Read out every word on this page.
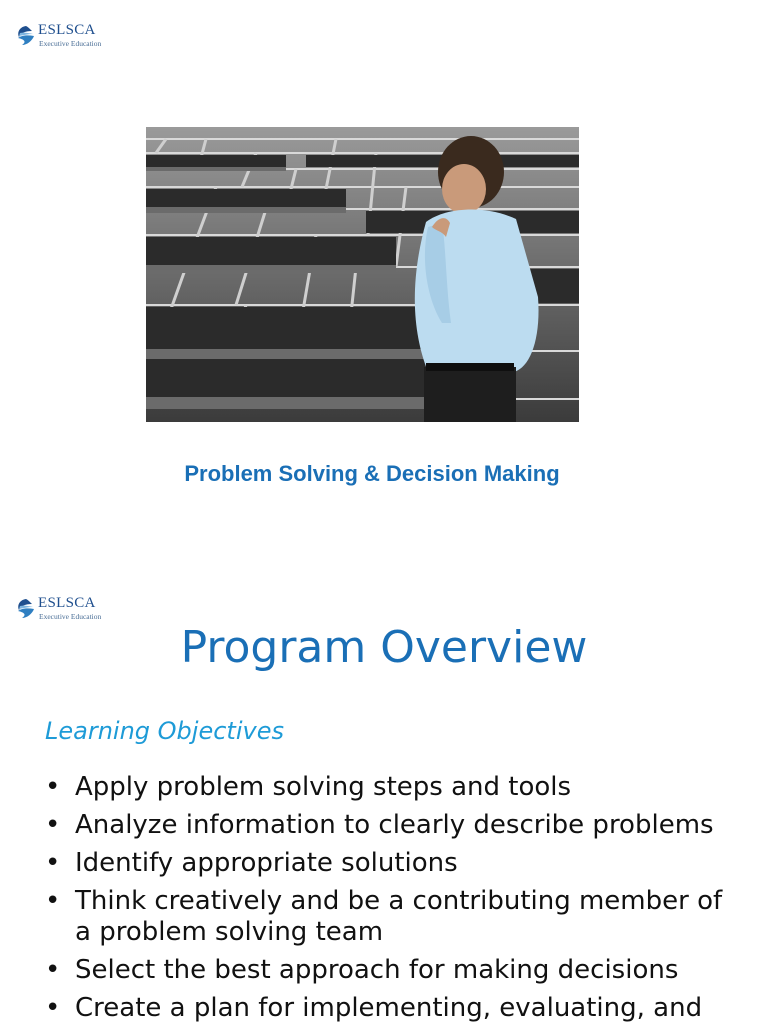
ESLSCA
Executive Education
Problem Solving & Decision Making
ESLSCA
Executive Education
Program Overview
Learning Objectives
• Apply problem solving steps and tools
• Analyze information to clearly describe problems
• Identify appropriate solutions
• Think creatively and be a contributing member of a problem solving team
• Select the best approach for making decisions
• Create a plan for implementing, evaluating, and
